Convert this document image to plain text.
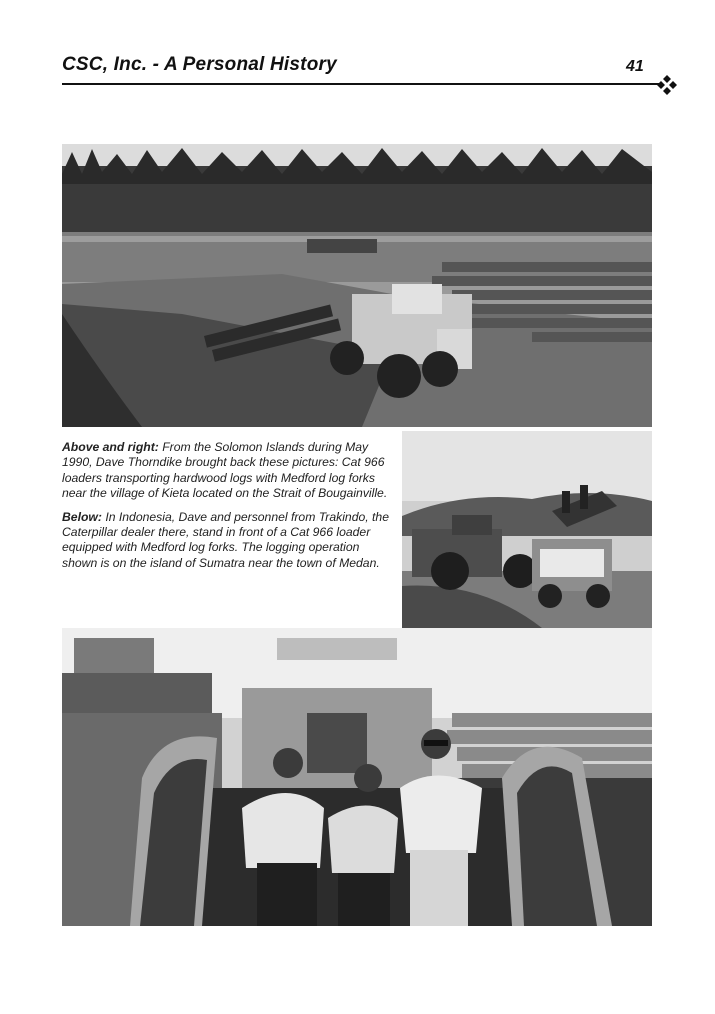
CSC, Inc. - A Personal History	41

Above and right: From the Solomon Islands during May 1990, Dave Thorndike brought back these pictures: Cat 966 loaders transporting hardwood logs with Medford log forks near the village of Kieta located on the Strait of Bougainville.

Below: In Indonesia, Dave and personnel from Trakindo, the Caterpillar dealer there, stand in front of a Cat 966 loader equipped with Medford log forks. The logging operation shown is on the island of Sumatra near the town of Medan.
